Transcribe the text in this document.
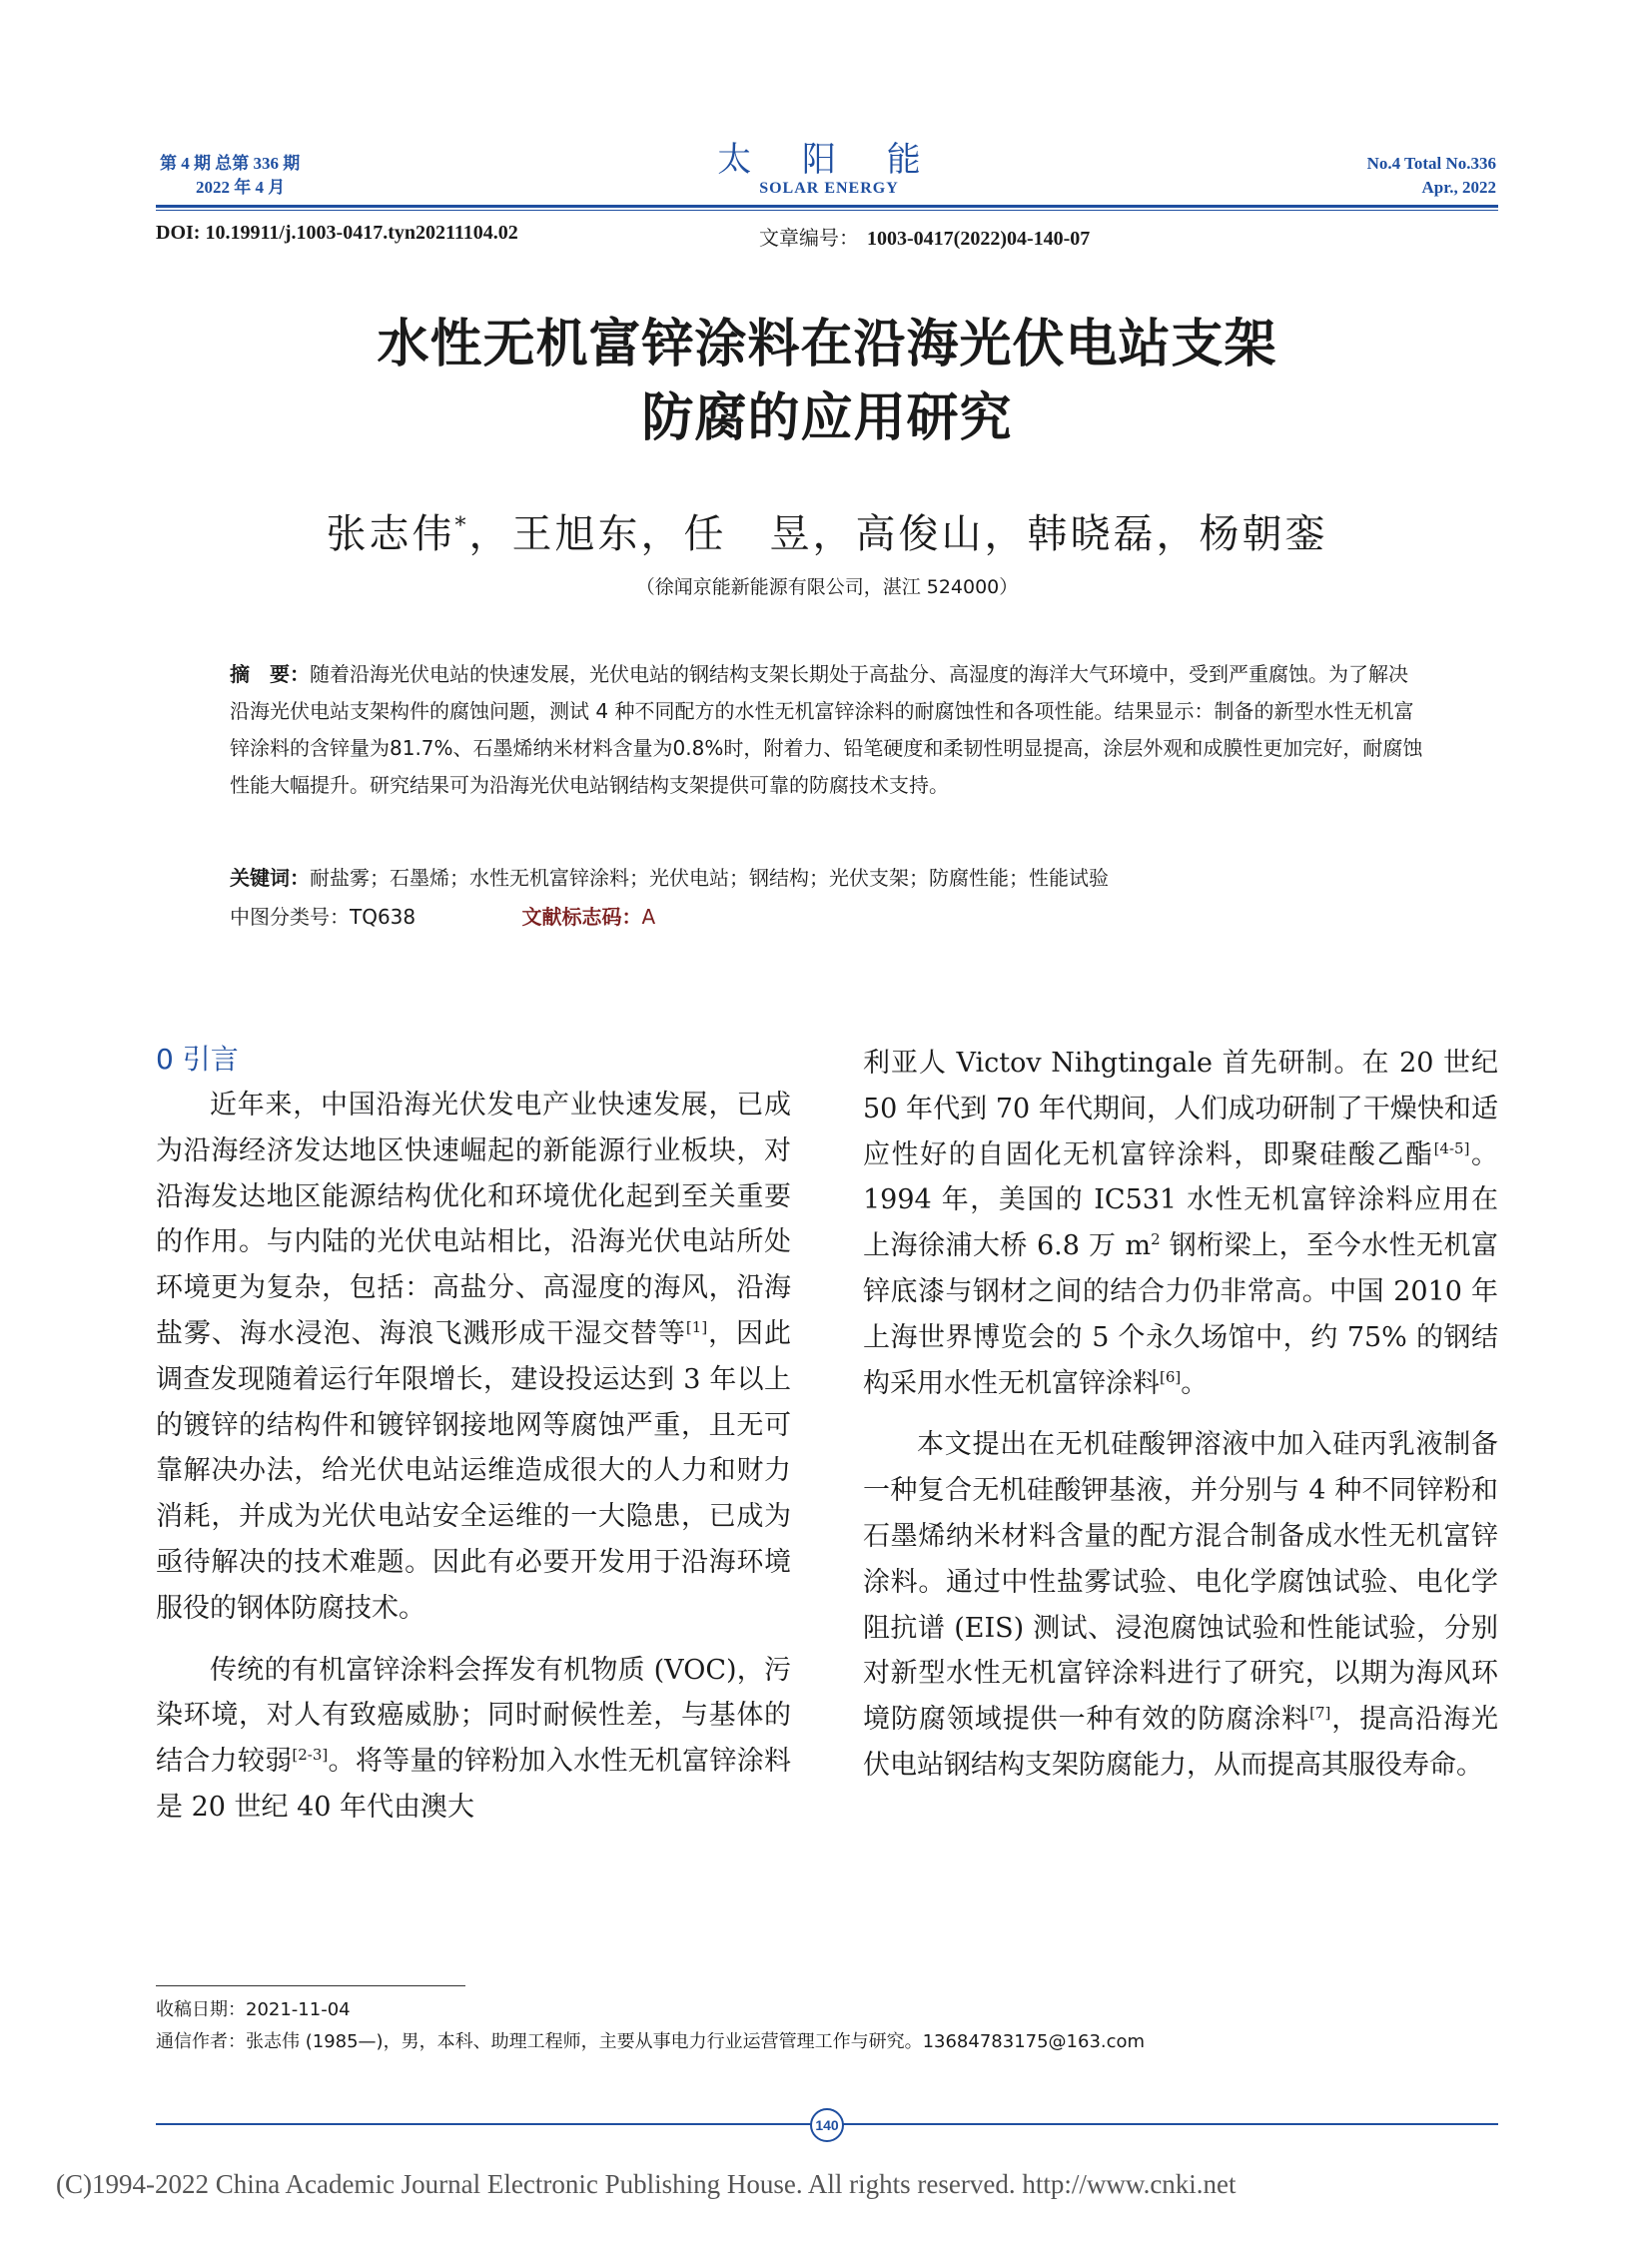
第 4 期 总第 336 期
2022 年 4 月
太 阳 能
SOLAR ENERGY
No.4 Total No.336
Apr., 2022
DOI: 10.19911/j.1003-0417.tyn20211104.02	文章编号： 1003-0417(2022)04-140-07
水性无机富锌涂料在沿海光伏电站支架
防腐的应用研究
张志伟*，王旭东，任　昱，高俊山，韩晓磊，杨朝銮
（徐闻京能新能源有限公司，湛江 524000）
摘　要：随着沿海光伏电站的快速发展，光伏电站的钢结构支架长期处于高盐分、高湿度的海洋大气环境中，受到严重腐蚀。为了解决沿海光伏电站支架构件的腐蚀问题，测试 4 种不同配方的水性无机富锌涂料的耐腐蚀性和各项性能。结果显示：制备的新型水性无机富锌涂料的含锌量为81.7%、石墨烯纳米材料含量为0.8%时，附着力、铅笔硬度和柔韧性明显提高，涂层外观和成膜性更加完好，耐腐蚀性能大幅提升。研究结果可为沿海光伏电站钢结构支架提供可靠的防腐技术支持。
关键词：耐盐雾；石墨烯；水性无机富锌涂料；光伏电站；钢结构；光伏支架；防腐性能；性能试验
中图分类号：TQ638	文献标志码：A
0 引言

近年来，中国沿海光伏发电产业快速发展，已成为沿海经济发达地区快速崛起的新能源行业板块，对沿海发达地区能源结构优化和环境优化起到至关重要的作用。与内陆的光伏电站相比，沿海光伏电站所处环境更为复杂，包括：高盐分、高湿度的海风，沿海盐雾、海水浸泡、海浪飞溅形成干湿交替等[1]，因此调查发现随着运行年限增长，建设投运达到 3 年以上的镀锌的结构件和镀锌钢接地网等腐蚀严重，且无可靠解决办法，给光伏电站运维造成很大的人力和财力消耗，并成为光伏电站安全运维的一大隐患，已成为亟待解决的技术难题。因此有必要开发用于沿海环境服役的钢体防腐技术。

传统的有机富锌涂料会挥发有机物质 (VOC)，污染环境，对人有致癌威胁；同时耐候性差，与基体的结合力较弱[2-3]。将等量的锌粉加入水性无机富锌涂料是 20 世纪 40 年代由澳大

利亚人 Victov Nihgtingale 首先研制。在 20 世纪 50 年代到 70 年代期间，人们成功研制了干燥快和适应性好的自固化无机富锌涂料，即聚硅酸乙酯[4-5]。1994 年，美国的 IC531 水性无机富锌涂料应用在上海徐浦大桥 6.8 万 $m^2$ 钢桁梁上，至今水性无机富锌底漆与钢材之间的结合力仍非常高。中国 2010 年上海世界博览会的 5 个永久场馆中，约 75% 的钢结构采用水性无机富锌涂料[6]。

本文提出在无机硅酸钾溶液中加入硅丙乳液制备一种复合无机硅酸钾基液，并分别与 4 种不同锌粉和石墨烯纳米材料含量的配方混合制备成水性无机富锌涂料。通过中性盐雾试验、电化学腐蚀试验、电化学阻抗谱 (EIS) 测试、浸泡腐蚀试验和性能试验，分别对新型水性无机富锌涂料进行了研究，以期为海风环境防腐领域提供一种有效的防腐涂料[7]，提高沿海光伏电站钢结构支架防腐能力，从而提高其服役寿命。

收稿日期：2021-11-04
通信作者：张志伟 (1985—)，男，本科、助理工程师，主要从事电力行业运营管理工作与研究。13684783175@163.com
140
(C)1994-2022 China Academic Journal Electronic Publishing House. All rights reserved. http://www.cnki.net
